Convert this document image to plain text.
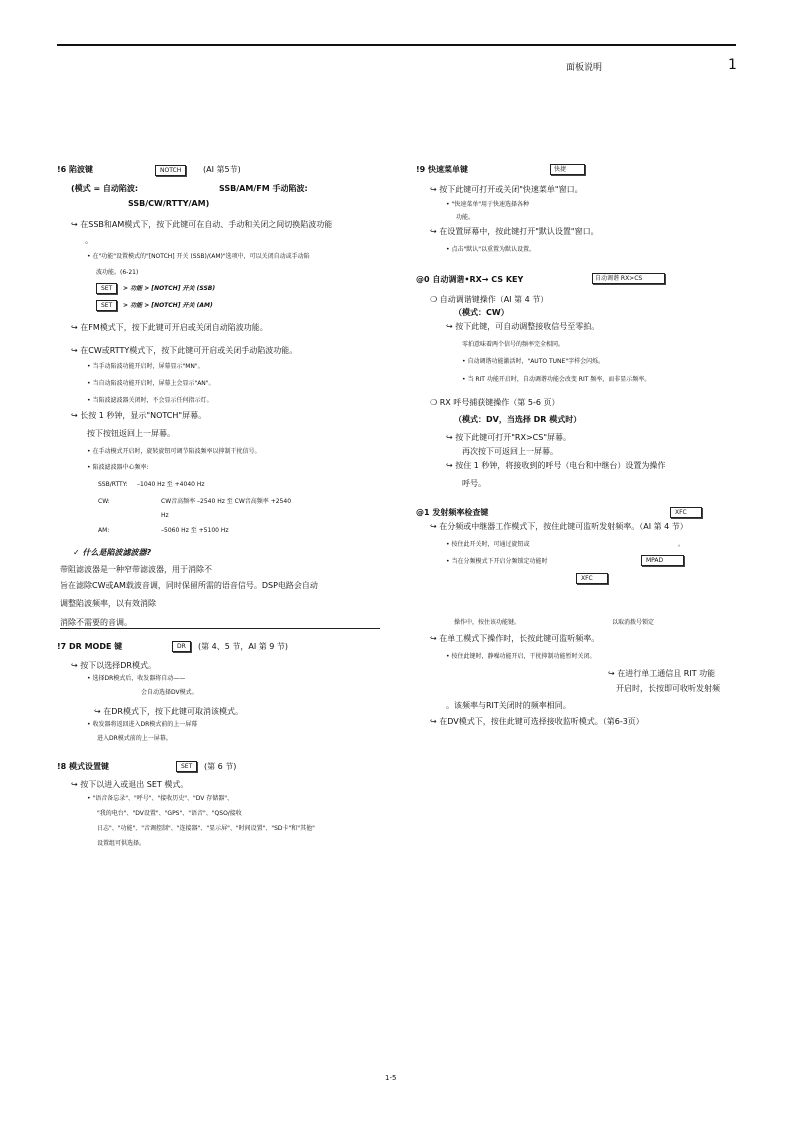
面板说明	1
!6 陷波键	NOTCH	(AI 第5节)
(模式 = 自动陷波:	SSB/AM/FM 手动陷波:
SSB/CW/RTTY/AM)
↪ 在SSB和AM模式下，按下此键可在自动、手动和关闭之间切换陷波功能
。
• 在"功能"设置模式的"[NOTCH] 开关 (SSB)/(AM)"选项中，可以关闭自动或手动陷
波功能。(6-21)
SET	> 功能 > [NOTCH] 开关 (SSB)
SET	> 功能 > [NOTCH] 开关 (AM)
↪ 在FM模式下，按下此键可开启或关闭自动陷波功能。
↪ 在CW或RTTY模式下，按下此键可开启或关闭手动陷波功能。
• 当手动陷波功能开启时，屏幕显示"MN"。
• 当自动陷波功能开启时，屏幕上会显示"AN"。
• 当陷波滤波器关闭时，不会显示任何指示灯。
↪ 长按 1 秒钟，显示"NOTCH"屏幕。
按下按钮返回上一屏幕。
• 在手动模式开启时，旋转旋钮可调节陷波频率以抑制干扰信号。
• 陷波滤波器中心频率:
SSB/RTTY: –1040 Hz 至 +4040 Hz
CW:	CW音高频率 –2540 Hz 至 CW音高频率 +2540
Hz
AM:	–5060 Hz 至 +5100 Hz
✓ 什么是陷波滤波器?
带阻滤波器是一种窄带滤波器，用于消除不
旨在滤除CW或AM载波音调，同时保留所需的语音信号。DSP电路会自动
调整陷波频率，以有效消除
消除不需要的音调。
!7 DR MODE 键	DR	(第 4、5 节，AI 第 9 节)
↪ 按下以选择DR模式。
• 选择DR模式后，收发器将自动——
会自动选择DV模式。
↪ 在DR模式下，按下此键可取消该模式。
• 收发器将返回进入DR模式前的上一屏幕
进入DR模式前的上一屏幕。
!8 模式设置键	SET	(第 6 节)
↪ 按下以进入或退出 SET 模式。
• "语音备忘录"、"呼号"、"接收历史"、"DV 存储器"、
"我的电台"、"DV设置"、"GPS"、"语音"、"QSO/接收
日志"、"功能"、"音调控制"、"连接器"、"显示屏"、"时间设置"、"SD卡"和"其他"
设置组可供选择。
!9 快速菜单键	快捷
↪ 按下此键可打开或关闭"快速菜单"窗口。
• "快速菜单"用于快速选择各种
功能。
↪ 在设置屏幕中，按此键打开"默认设置"窗口。
• 点击"默认"以重置为默认设置。
@0 自动调谐•RX→ CS KEY	自动调谐 RX>CS
❍ 自动调谐键操作（AI 第 4 节）
（模式：CW）
↪ 按下此键，可自动调整接收信号至零拍。
零拍意味着两个信号的频率完全相同。
• 自动调谐功能激活时，"AUTO TUNE"字样会闪烁。
• 当 RIT 功能开启时，自动调谐功能会改变 RIT 频率，而非显示频率。
❍ RX 呼号捕获键操作（第 5-6 页）
（模式：DV，当选择 DR 模式时）
↪ 按下此键可打开"RX>CS"屏幕。
再次按下可返回上一屏幕。
↪ 按住 1 秒钟，将接收到的呼号（电台和中继台）设置为操作
呼号。
@1 发射频率检查键	XFC
↪ 在分频或中继器工作模式下，按住此键可监听发射频率。（AI 第 4 节）
• 按住此开关时，可通过旋钮或	。
• 当在分频模式下开启分频锁定功能时	MPAD
XFC
操作中，按住该功能键。	以取消拨号锁定
↪ 在单工模式下操作时，长按此键可监听频率。
• 按住此键时，静噪功能开启，干扰抑制功能暂时关闭。
↪ 在进行单工通信且 RIT 功能
开启时，长按即可收听发射频
。该频率与RIT关闭时的频率相同。
↪ 在DV模式下，按住此键可选择接收监听模式。（第6-3页）
1-5
